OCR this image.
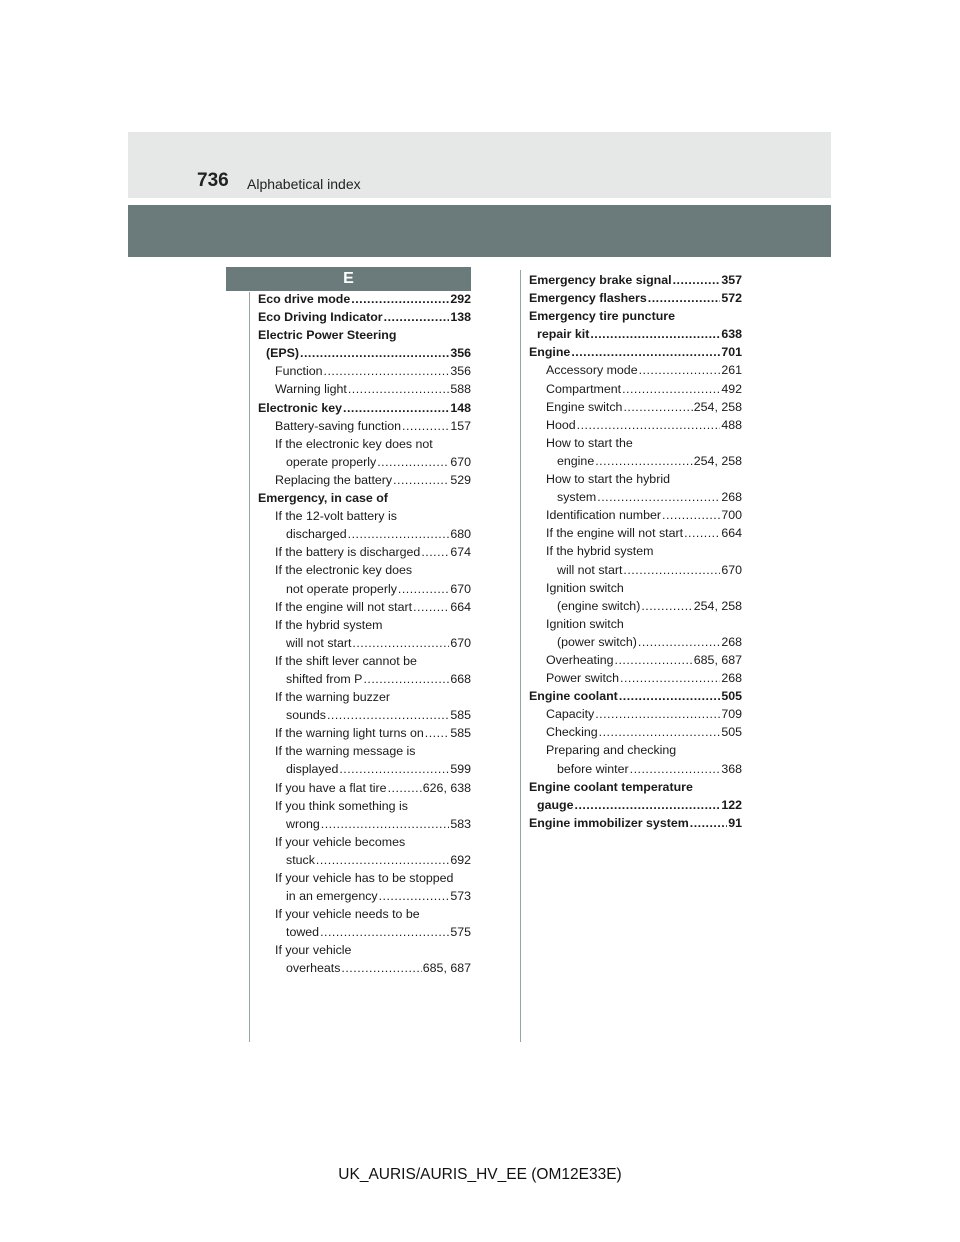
736 Alphabetical index
E
Eco drive mode .....	292
Eco Driving Indicator .....	138
Electric Power Steering
(EPS) .....	356
Function .....	356
Warning light .....	588
Electronic key .....	148
Battery-saving function .....	157
If the electronic key does not
operate properly .....	670
Replacing the battery .....	529
Emergency, in case of
If the 12-volt battery is
discharged .....	680
If the battery is discharged ..... 674
If the electronic key does
not operate properly .....	670
If the engine will not start .....	664
If the hybrid system
will not start .....	670
If the shift lever cannot be
shifted from P .....	668
If the warning buzzer
sounds .....	585
If the warning light turns on ..... 585
If the warning message is
displayed .....	599
If you have a flat tire .....	626, 638
If you think something is
wrong .....	583
If your vehicle becomes
stuck .....	692
If your vehicle has to be stopped
in an emergency .....	573
If your vehicle needs to be
towed .....	575
If your vehicle
overheats .....	685, 687
Emergency brake signal .....	357
Emergency flashers .....	572
Emergency tire puncture
repair kit .....	638
Engine .....	701
Accessory mode .....	261
Compartment .....	492
Engine switch .....	254, 258
Hood .....	488
How to start the
engine .....	254, 258
How to start the hybrid
system .....	268
Identification number .....	700
If the engine will not start .....	664
If the hybrid system
will not start .....	670
Ignition switch
(engine switch) .....	254, 258
Ignition switch
(power switch) .....	268
Overheating .....	685, 687
Power switch .....	268
Engine coolant .....	505
Capacity .....	709
Checking .....	505
Preparing and checking
before winter .....	368
Engine coolant temperature
gauge .....	122
Engine immobilizer system .....	91
UK_AURIS/AURIS_HV_EE (OM12E33E)
